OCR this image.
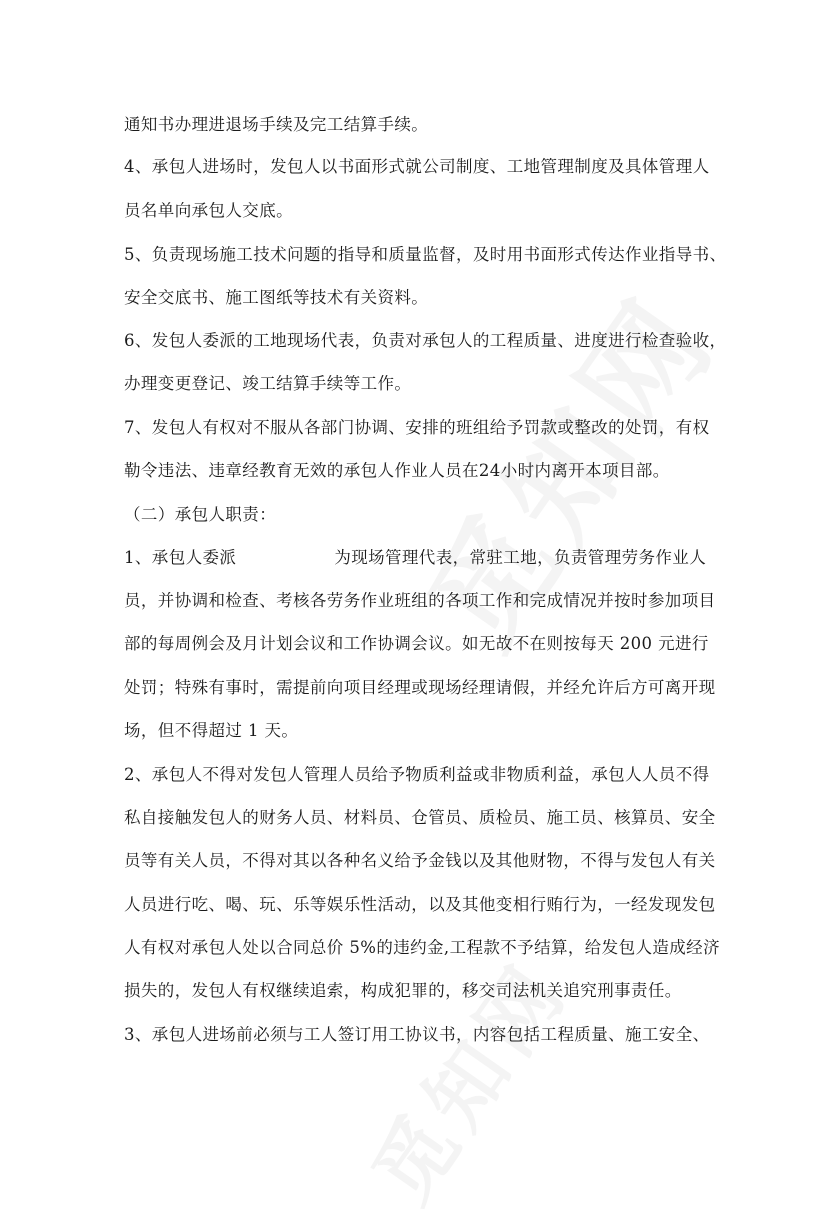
通知书办理进退场手续及完工结算手续。
4、承包人进场时，发包人以书面形式就公司制度、工地管理制度及具体管理人
员名单向承包人交底。
5、负责现场施工技术问题的指导和质量监督，及时用书面形式传达作业指导书、
安全交底书、施工图纸等技术有关资料。
6、发包人委派的工地现场代表，负责对承包人的工程质量、进度进行检查验收，
办理变更登记、竣工结算手续等工作。
7、发包人有权对不服从各部门协调、安排的班组给予罚款或整改的处罚，有权
勒令违法、违章经教育无效的承包人作业人员在24小时内离开本项目部。
（二）承包人职责：
1、承包人委派	为现场管理代表，常驻工地，负责管理劳务作业人
员，并协调和检查、考核各劳务作业班组的各项工作和完成情况并按时参加项目
部的每周例会及月计划会议和工作协调会议。如无故不在则按每天 200 元进行
处罚；特殊有事时，需提前向项目经理或现场经理请假，并经允许后方可离开现
场，但不得超过 1 天。
2、承包人不得对发包人管理人员给予物质利益或非物质利益，承包人人员不得
私自接触发包人的财务人员、材料员、仓管员、质检员、施工员、核算员、安全
员等有关人员，不得对其以各种名义给予金钱以及其他财物，不得与发包人有关
人员进行吃、喝、玩、乐等娱乐性活动，以及其他变相行贿行为，一经发现发包
人有权对承包人处以合同总价 5%的违约金,工程款不予结算，给发包人造成经济
损失的，发包人有权继续追索，构成犯罪的，移交司法机关追究刑事责任。
3、承包人进场前必须与工人签订用工协议书，内容包括工程质量、施工安全、
